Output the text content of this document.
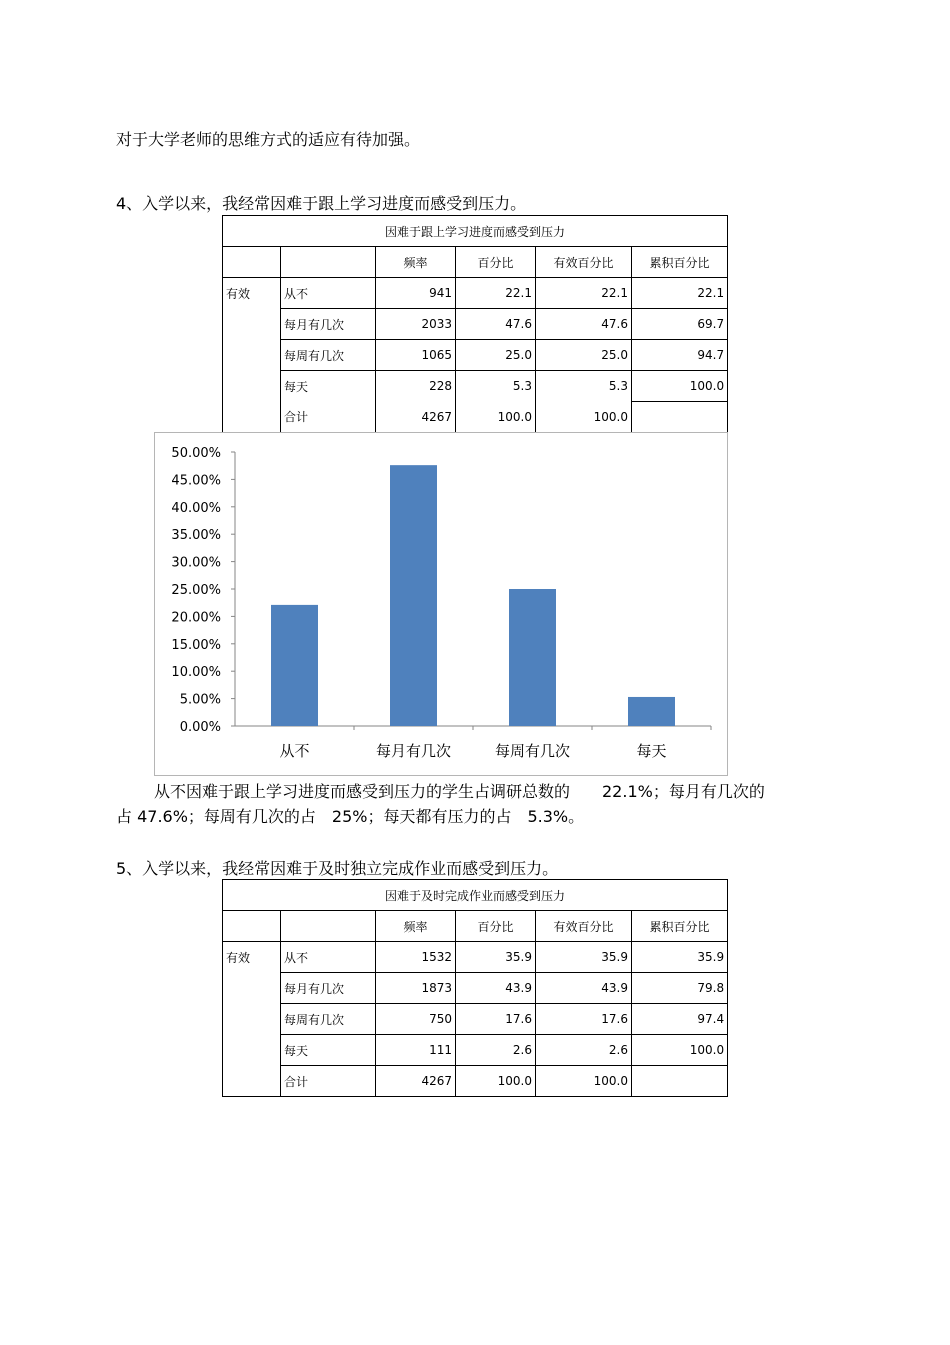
对于大学老师的思维方式的适应有待加强。
4、入学以来，我经常因难于跟上学习进度而感受到压力。
因难于跟上学习进度而感受到压力					
		频率	百分比	有效百分比	累积百分比
有效	从不	941	22.1	22.1	22.1
	每月有几次	2033	47.6	47.6	69.7
	每周有几次	1065	25.0	25.0	94.7
	每天	228	5.3	5.3	100.0
	合计	4267	100.0	100.0	
0.00%
5.00%
10.00%
15.00%
20.00%
25.00%
30.00%
35.00%
40.00%
45.00%
50.00%
从不	每月有几次	每周有几次	每天
从不因难于跟上学习进度而感受到压力的学生占调研总数的　　22.1%；每月有几次的
占 47.6%；每周有几次的占　25%；每天都有压力的占　5.3%。
5、入学以来，我经常因难于及时独立完成作业而感受到压力。
因难于及时完成作业而感受到压力					
		频率	百分比	有效百分比	累积百分比
有效	从不	1532	35.9	35.9	35.9
	每月有几次	1873	43.9	43.9	79.8
	每周有几次	750	17.6	17.6	97.4
	每天	111	2.6	2.6	100.0
	合计	4267	100.0	100.0	
